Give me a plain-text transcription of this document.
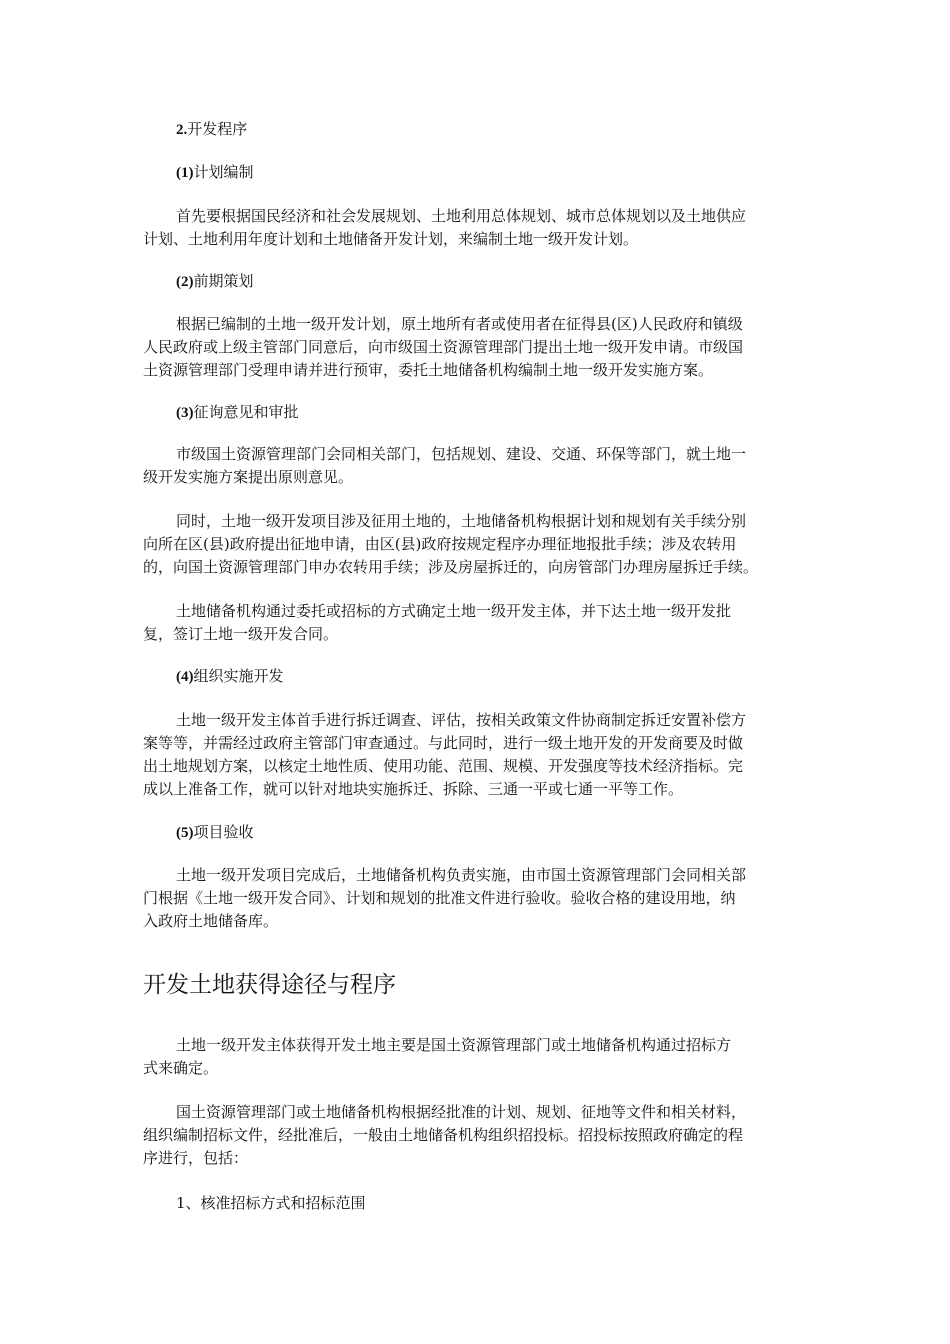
2.开发程序

(1)计划编制

首先要根据国民经济和社会发展规划、土地利用总体规划、城市总体规划以及土地供应

计划、土地利用年度计划和土地储备开发计划，来编制土地一级开发计划。

(2)前期策划

根据已编制的土地一级开发计划，原土地所有者或使用者在征得县(区)人民政府和镇级

人民政府或上级主管部门同意后，向市级国土资源管理部门提出土地一级开发申请。市级国

土资源管理部门受理申请并进行预审，委托土地储备机构编制土地一级开发实施方案。

(3)征询意见和审批

市级国土资源管理部门会同相关部门，包括规划、建设、交通、环保等部门，就土地一

级开发实施方案提出原则意见。

同时，土地一级开发项目涉及征用土地的，土地储备机构根据计划和规划有关手续分别

向所在区(县)政府提出征地申请，由区(县)政府按规定程序办理征地报批手续；涉及农转用

的，向国土资源管理部门申办农转用手续；涉及房屋拆迁的，向房管部门办理房屋拆迁手续。

土地储备机构通过委托或招标的方式确定土地一级开发主体，并下达土地一级开发批

复，签订土地一级开发合同。

(4)组织实施开发

土地一级开发主体首手进行拆迁调查、评估，按相关政策文件协商制定拆迁安置补偿方

案等等，并需经过政府主管部门审查通过。与此同时，进行一级土地开发的开发商要及时做

出土地规划方案，以核定土地性质、使用功能、范围、规模、开发强度等技术经济指标。完

成以上准备工作，就可以针对地块实施拆迁、拆除、三通一平或七通一平等工作。

(5)项目验收

土地一级开发项目完成后，土地储备机构负责实施，由市国土资源管理部门会同相关部

门根据《土地一级开发合同》、计划和规划的批准文件进行验收。验收合格的建设用地，纳

入政府土地储备库。

开发土地获得途径与程序

土地一级开发主体获得开发土地主要是国土资源管理部门或土地储备机构通过招标方

式来确定。

国土资源管理部门或土地储备机构根据经批准的计划、规划、征地等文件和相关材料，

组织编制招标文件，经批准后，一般由土地储备机构组织招投标。招投标按照政府确定的程

序进行，包括：

1、核准招标方式和招标范围
